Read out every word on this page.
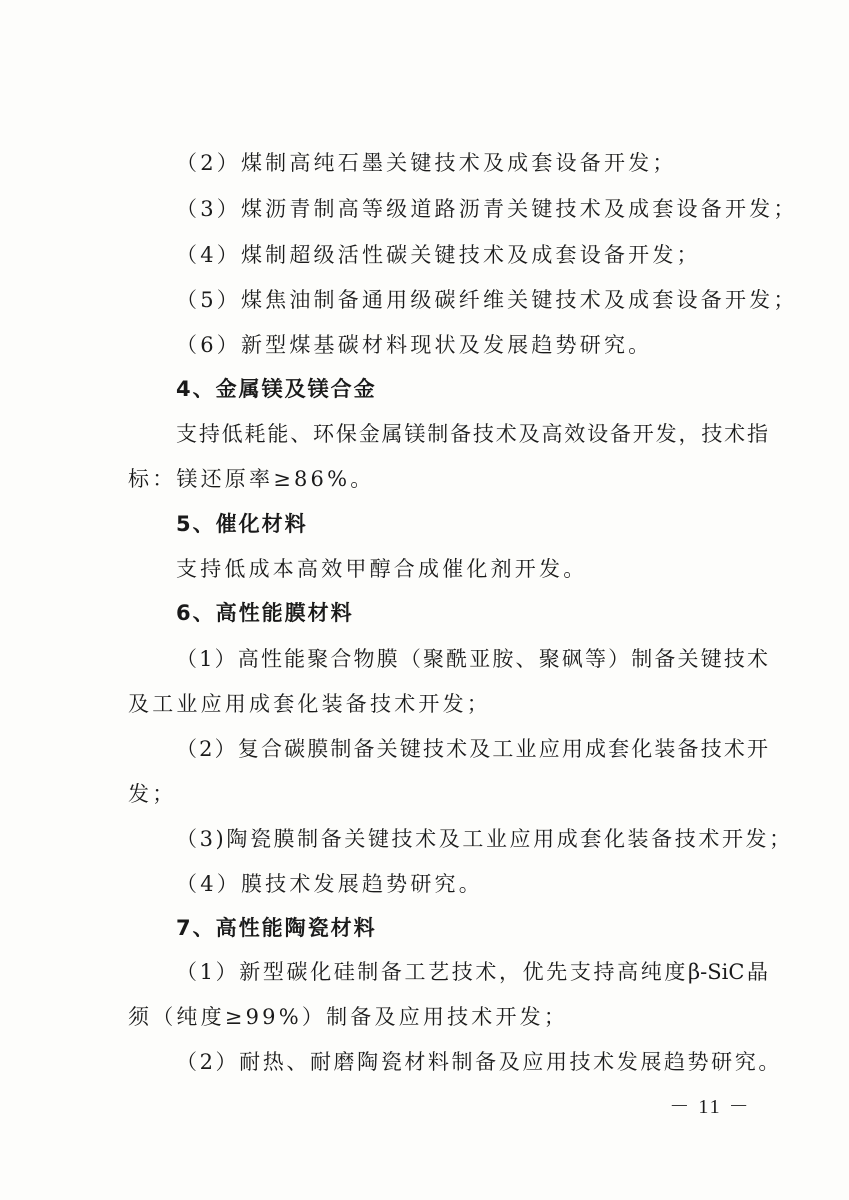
（2）煤制高纯石墨关键技术及成套设备开发；
（3）煤沥青制高等级道路沥青关键技术及成套设备开发；
（4）煤制超级活性碳关键技术及成套设备开发；
（5）煤焦油制备通用级碳纤维关键技术及成套设备开发；
（6）新型煤基碳材料现状及发展趋势研究。
4、金属镁及镁合金
支持低耗能、环保金属镁制备技术及高效设备开发，技术指
标：镁还原率≥86%。
5、催化材料
支持低成本高效甲醇合成催化剂开发。
6、高性能膜材料
（1）高性能聚合物膜（聚酰亚胺、聚砜等）制备关键技术
及工业应用成套化装备技术开发；
（2）复合碳膜制备关键技术及工业应用成套化装备技术开
发；
（3)陶瓷膜制备关键技术及工业应用成套化装备技术开发；
（4）膜技术发展趋势研究。
7、高性能陶瓷材料
（1）新型碳化硅制备工艺技术，优先支持高纯度β-SiC晶
须（纯度≥99%）制备及应用技术开发；
（2）耐热、耐磨陶瓷材料制备及应用技术发展趋势研究。
－ 11 －
